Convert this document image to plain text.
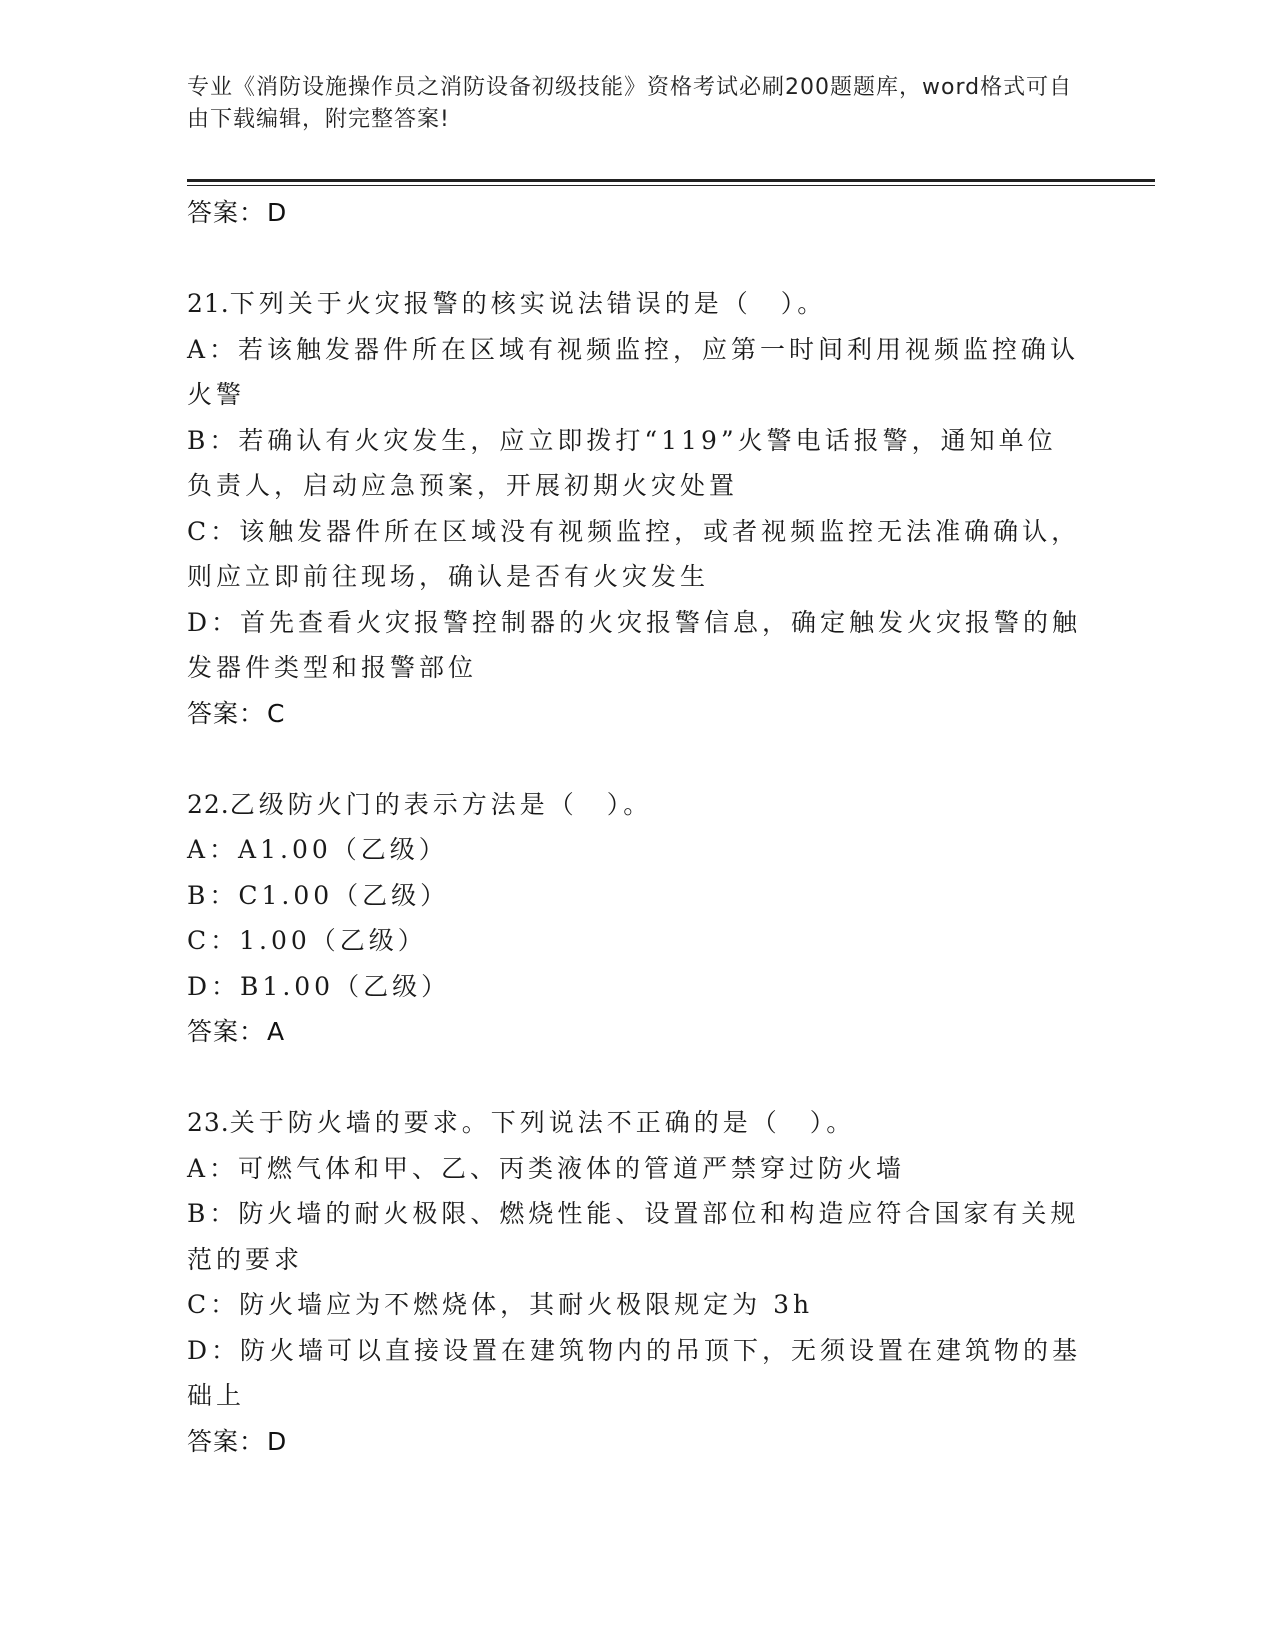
专业《消防设施操作员之消防设备初级技能》资格考试必刷200题题库，word格式可自由下载编辑，附完整答案!
答案：D
21.下列关于火灾报警的核实说法错误的是（　）。
A：若该触发器件所在区域有视频监控，应第一时间利用视频监控确认
火警
B：若确认有火灾发生，应立即拨打“119”火警电话报警，通知单位
负责人，启动应急预案，开展初期火灾处置
C：该触发器件所在区域没有视频监控，或者视频监控无法准确确认，
则应立即前往现场，确认是否有火灾发生
D：首先查看火灾报警控制器的火灾报警信息，确定触发火灾报警的触
发器件类型和报警部位
答案：C
22.乙级防火门的表示方法是（　）。
A：A1.00（乙级）
B：C1.00（乙级）
C：1.00（乙级）
D：B1.00（乙级）
答案：A
23.关于防火墙的要求。下列说法不正确的是（　）。
A：可燃气体和甲、乙、丙类液体的管道严禁穿过防火墙
B：防火墙的耐火极限、燃烧性能、设置部位和构造应符合国家有关规
范的要求
C：防火墙应为不燃烧体，其耐火极限规定为 3h
D：防火墙可以直接设置在建筑物内的吊顶下，无须设置在建筑物的基
础上
答案：D
